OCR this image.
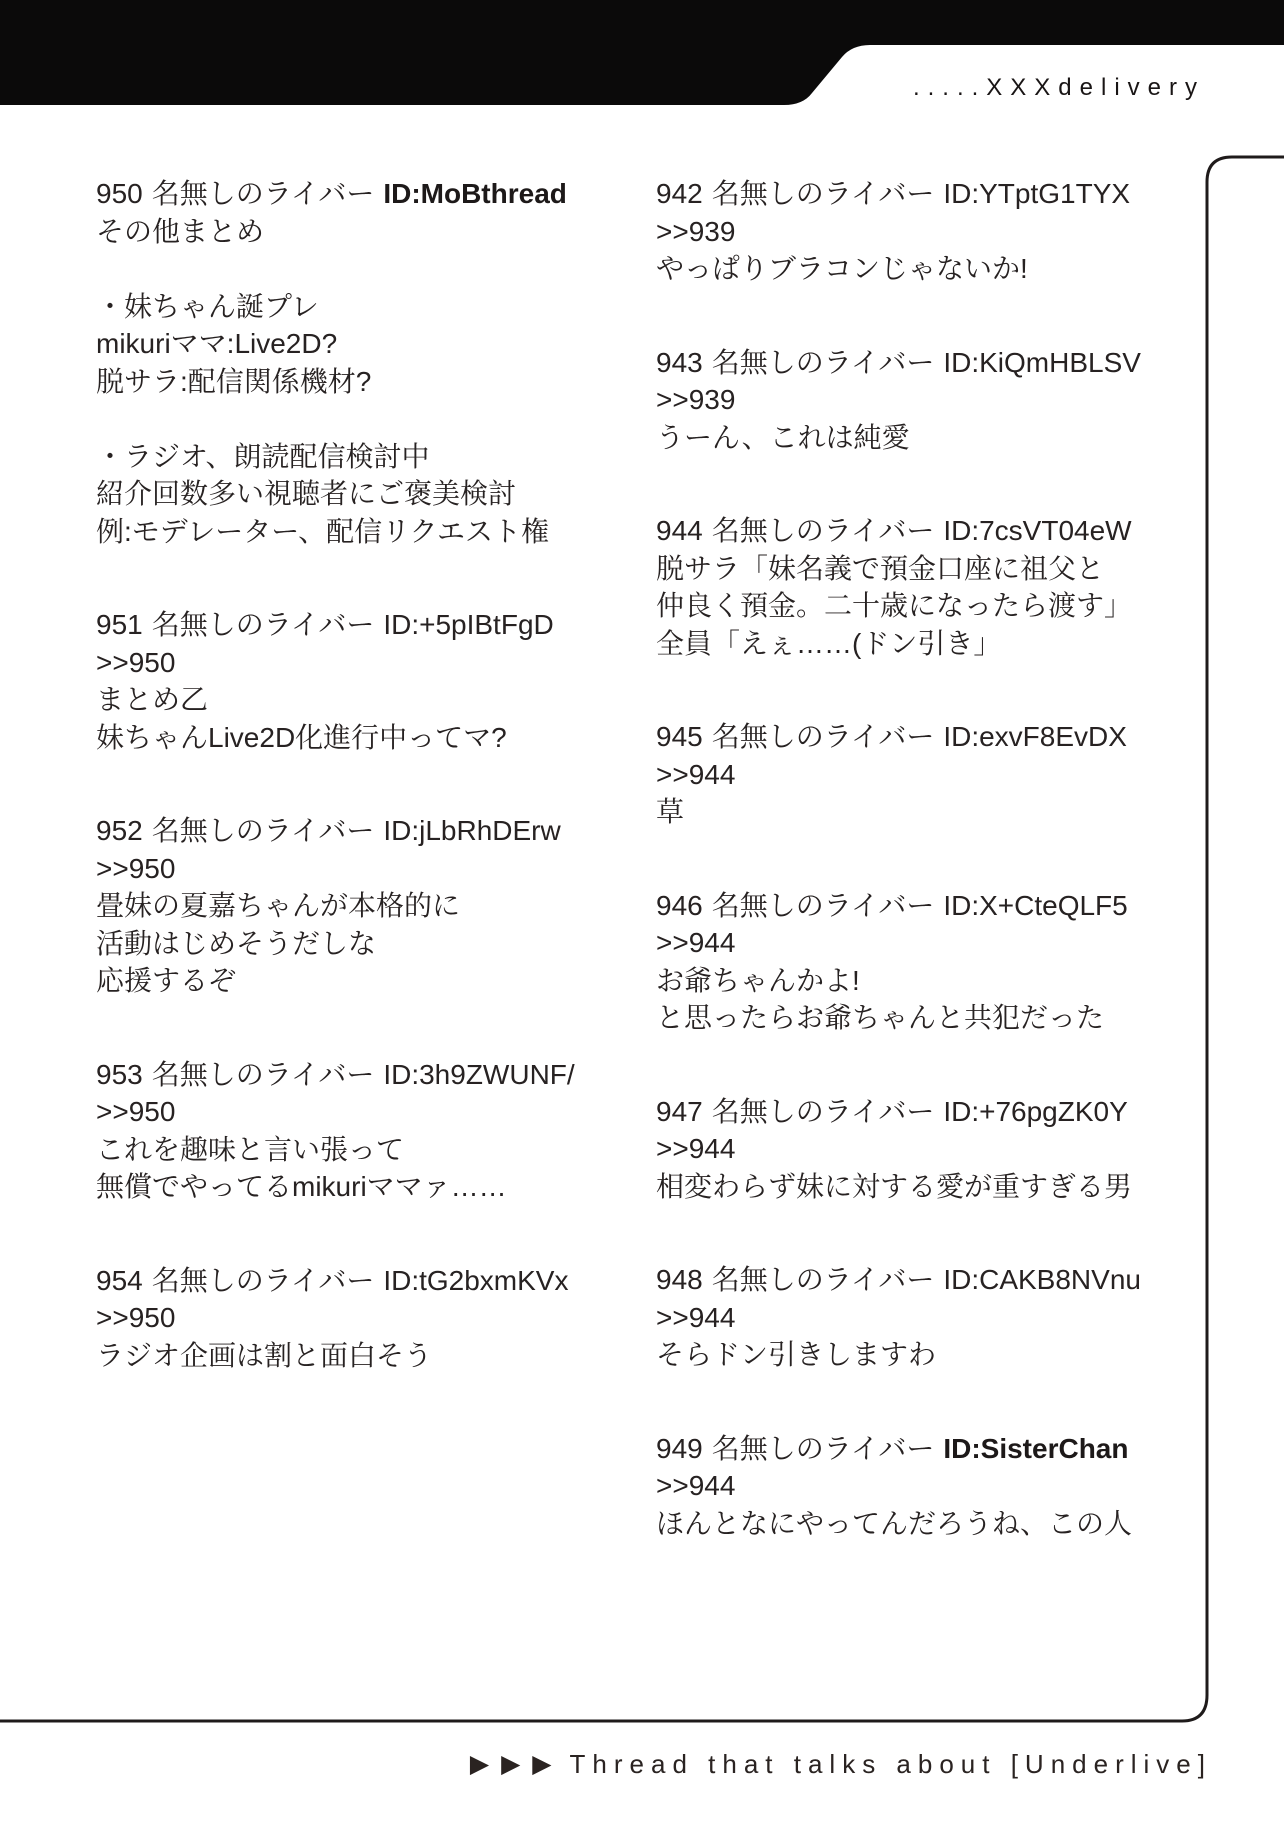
.....XXXdelivery
950 名無しのライバー ID:MoBthread
その他まとめ

・妹ちゃん誕プレ
mikuriママ:Live2D?
脱サラ:配信関係機材?

・ラジオ、朗読配信検討中
紹介回数多い視聴者にご褒美検討
例:モデレーター、配信リクエスト権
951 名無しのライバー ID:+5pIBtFgD
>>950
まとめ乙
妹ちゃんLive2D化進行中ってマ?
952 名無しのライバー ID:jLbRhDErw
>>950
畳妹の夏嘉ちゃんが本格的に
活動はじめそうだしな
応援するぞ
953 名無しのライバー ID:3h9ZWUNF/
>>950
これを趣味と言い張って
無償でやってるmikuriママァ……
954 名無しのライバー ID:tG2bxmKVx
>>950
ラジオ企画は割と面白そう
942 名無しのライバー ID:YTptG1TYX
>>939
やっぱりブラコンじゃないか!
943 名無しのライバー ID:KiQmHBLSV
>>939
うーん、これは純愛
944 名無しのライバー ID:7csVT04eW
脱サラ「妹名義で預金口座に祖父と
仲良く預金。二十歳になったら渡す」
全員「えぇ……(ドン引き」
945 名無しのライバー ID:exvF8EvDX
>>944
草
946 名無しのライバー ID:X+CteQLF5
>>944
お爺ちゃんかよ!
と思ったらお爺ちゃんと共犯だった
947 名無しのライバー ID:+76pgZK0Y
>>944
相変わらず妹に対する愛が重すぎる男
948 名無しのライバー ID:CAKB8NVnu
>>944
そらドン引きしますわ
949 名無しのライバー ID:SisterChan
>>944
ほんとなにやってんだろうね、この人
▶▶▶ Thread that talks about [Underlive]
